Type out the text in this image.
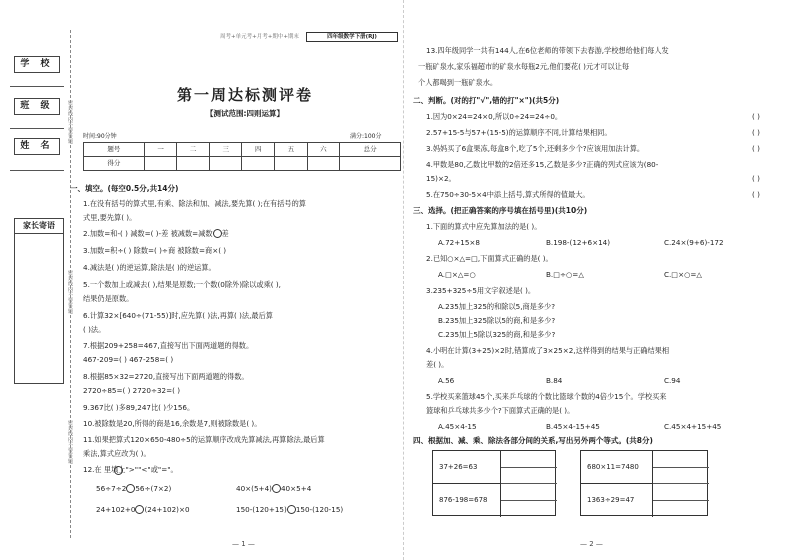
学 校
班 级
姓 名
家长寄语
密封线内不要答题
密封线内不要答题
密封线内不要答题
周考+单元考+月考+期中+期末	四年级数学下册(RJ)
第一周达标测评卷
【测试范围:四则运算】
时间:90分钟	满分:100分
题号	一	二	三	四	五	六	总分
得分							
一、填空。(每空0.5分,共14分)
1.在没有括号的算式里,有乘、除法和加、减法,要先算( );在有括号的算
式里,要先算( )。
2.加数=和-( ) 减数=( )-差 被减数=减数 差
3.加数=积÷( ) 除数=( )÷商 被除数=商×( )
4.减法是( )的逆运算,除法是( )的逆运算。
5.一个数加上或减去( ),结果是原数;一个数(0除外)除以或乘( ),
结果仍是原数。
6.计算32×[640÷(71-55)]时,应先算( )法,再算( )法,最后算
( )法。
7.根据209+258=467,直接写出下面两道题的得数。
467-209=( ) 467-258=( )
8.根据85×32=2720,直接写出下面两道题的得数。
2720÷85=( ) 2720÷32=( )
9.367比( )多89,247比( )少156。
10.被除数是20,所得的商是16,余数是7,则被除数是( )。
11.如果把算式120×650-480÷5的运算顺序改成先算减法,再算除法,最后算
乘法,算式应改为( )。
12.在 里填上">""<"或"="。
56÷7÷2 56÷(7×2)	40×(5+4) 40×5+4
24+102+0 (24+102)×0	150-(120+15) 150-(120-15)
— 1 —
13.四年级同学一共有144人,在6位老师的带领下去春游,学校想给他们每人发
一瓶矿泉水,家乐福超市的矿泉水每瓶2元,他们要花( )元才可以让每
个人都喝到一瓶矿泉水。
二、判断。(对的打"√",错的打"×")(共5分)
1.因为0×24=24×0,所以0÷24=24÷0。
2.57+15-5与57+(15-5)的运算顺序不同,计算结果相同。
3.妈妈买了6盒果冻,每盒8个,吃了5个,还剩多少个?应该用加法计算。
4.甲数是80,乙数比甲数的2倍还多15,乙数是多少?正确的列式应该为(80-
15)×2。
5.在750÷30-5×4中添上括号,算式所得的值最大。
( )
( )
( )
( )
( )
三、选择。(把正确答案的序号填在括号里)(共10分)
1.下面的算式中应先算加法的是( )。
A.72+15×8	B.198-(12+6×14)	C.24×(9+6)-172
2.已知○×△=□,下面算式正确的是( )。
A.□×△=○	B.□÷○=△	C.□×○=△
3.235+325÷5用文字叙述是( )。
A.235加上325的和除以5,商是多少?
B.235加上325除以5的商,和是多少?
C.235加上5除以325的商,和是多少?
4.小明在计算(3+25)×2时,错算成了3×25×2,这样得到的结果与正确结果相
差( )。
A.56	B.84	C.94
5.学校买来篮球45个,买来乒乓球的个数比篮球个数的4倍少15个。学校买来
篮球和乒乓球共多少个?下面算式正确的是( )。
A.45×4-15	B.45×4-15+45	C.45×4+15+45
四、根据加、减、乘、除法各部分间的关系,写出另外两个等式。(共8分)
37+26=63
876-198=678
680×11=7480
1363÷29=47
— 2 —
